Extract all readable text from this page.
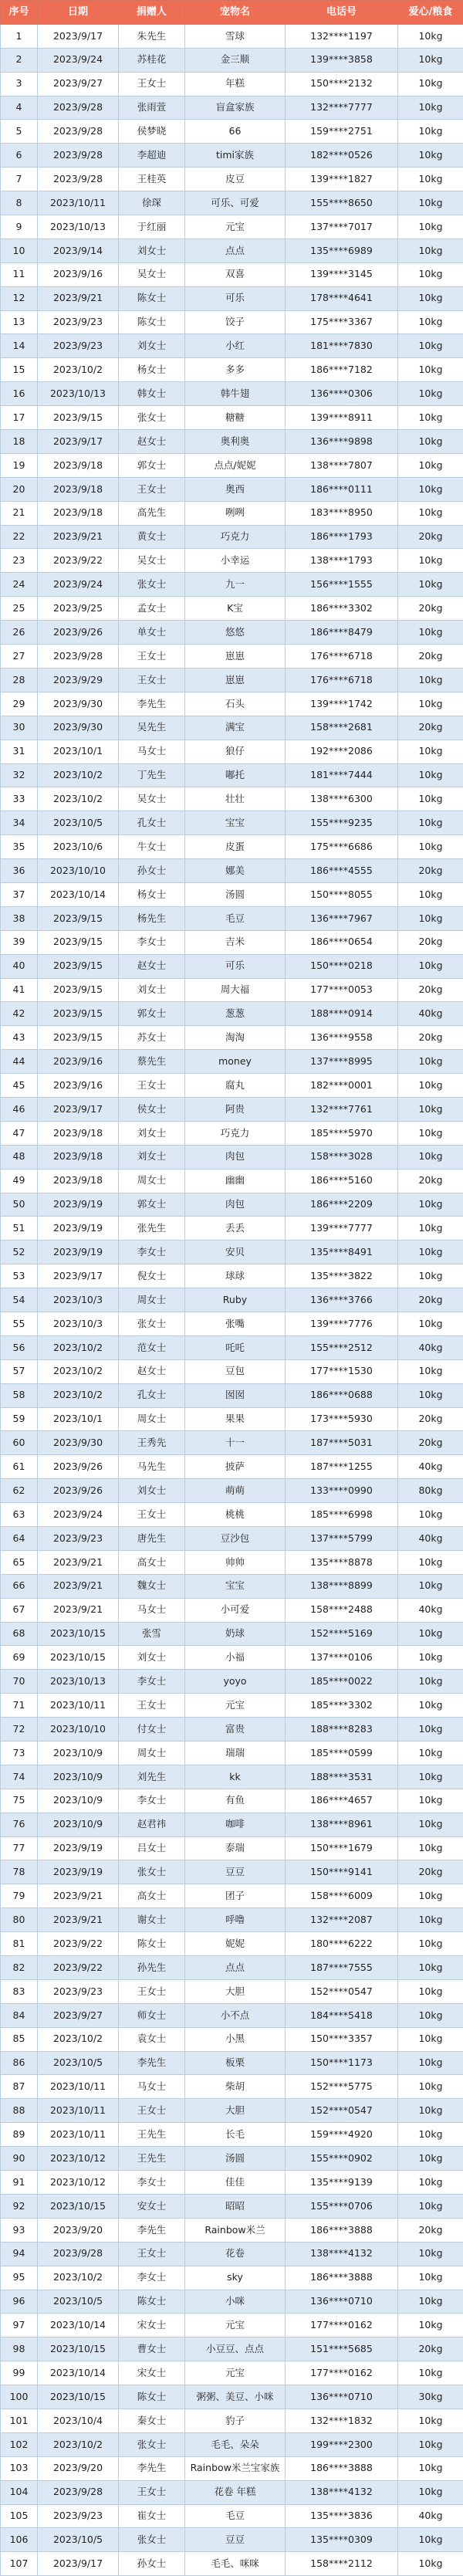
序号	日期	捐赠人	宠物名	电话号	爱心/粮食
1	2023/9/17	朱先生	雪球	132****1197	10kg
2	2023/9/24	苏桂花	金三顺	139****3858	10kg
3	2023/9/27	王女士	年糕	150****2132	10kg
4	2023/9/28	张雨萱	盲盒家族	132****7777	10kg
5	2023/9/28	侯梦晓	66	159****2751	10kg
6	2023/9/28	李超迪	timi家族	182****0526	10kg
7	2023/9/28	王桂英	皮豆	139****1827	10kg
8	2023/10/11	徐琛	可乐、可爱	155****8650	10kg
9	2023/10/13	于红丽	元宝	137****7017	10kg
10	2023/9/14	刘女士	点点	135****6989	10kg
11	2023/9/16	吴女士	双喜	139****3145	10kg
12	2023/9/21	陈女士	可乐	178****4641	10kg
13	2023/9/23	陈女士	饺子	175****3367	10kg
14	2023/9/23	刘女士	小红	181****7830	10kg
15	2023/10/2	杨女士	多多	186****7182	10kg
16	2023/10/13	韩女士	韩牛翅	136****0306	10kg
17	2023/9/15	张女士	糖糖	139****8911	10kg
18	2023/9/17	赵女士	奥利奥	136****9898	10kg
19	2023/9/18	郭女士	点点/妮妮	138****7807	10kg
20	2023/9/18	王女士	奥西	186****0111	10kg
21	2023/9/18	高先生	咧咧	183****8950	10kg
22	2023/9/21	黄女士	巧克力	186****1793	20kg
23	2023/9/22	吴女士	小幸运	138****1793	10kg
24	2023/9/24	张女士	九一	156****1555	10kg
25	2023/9/25	孟女士	K宝	186****3302	20kg
26	2023/9/26	单女士	悠悠	186****8479	10kg
27	2023/9/28	王女士	崽崽	176****6718	20kg
28	2023/9/29	王女士	崽崽	176****6718	10kg
29	2023/9/30	李先生	石头	139****1742	10kg
30	2023/9/30	吴先生	满宝	158****2681	20kg
31	2023/10/1	马女士	狼仔	192****2086	10kg
32	2023/10/2	丁先生	嘟托	181****7444	10kg
33	2023/10/2	吴女士	壮壮	138****6300	10kg
34	2023/10/5	孔女士	宝宝	155****9235	10kg
35	2023/10/6	牛女士	皮蛋	175****6686	10kg
36	2023/10/10	孙女士	娜美	186****4555	20kg
37	2023/10/14	杨女士	汤圆	150****8055	10kg
38	2023/9/15	杨先生	毛豆	136****7967	10kg
39	2023/9/15	李女士	吉米	186****0654	20kg
40	2023/9/15	赵女士	可乐	150****0218	10kg
41	2023/9/15	刘女士	周大福	177****0053	20kg
42	2023/9/15	郭女士	葱葱	188****0914	40kg
43	2023/9/15	苏女士	淘淘	136****9558	20kg
44	2023/9/16	蔡先生	money	137****8995	10kg
45	2023/9/16	王女士	腐丸	182****0001	10kg
46	2023/9/17	侯女士	阿贵	132****7761	10kg
47	2023/9/18	刘女士	巧克力	185****5970	10kg
48	2023/9/18	刘女士	肉包	158****3028	10kg
49	2023/9/18	周女士	幽幽	186****5160	20kg
50	2023/9/19	郭女士	肉包	186****2209	10kg
51	2023/9/19	张先生	丢丢	139****7777	10kg
52	2023/9/19	李女士	安贝	135****8491	10kg
53	2023/9/17	倪女士	球球	135****3822	10kg
54	2023/10/3	周女士	Ruby	136****3766	20kg
55	2023/10/3	张女士	张嘴	139****7776	10kg
56	2023/10/2	范女士	吒吒	155****2512	40kg
57	2023/10/2	赵女士	豆包	177****1530	10kg
58	2023/10/2	孔女士	囡囡	186****0688	10kg
59	2023/10/1	周女士	果果	173****5930	20kg
60	2023/9/30	王秀先	十一	187****5031	20kg
61	2023/9/26	马先生	披萨	187****1255	40kg
62	2023/9/26	刘女士	萌萌	133****0990	80kg
63	2023/9/24	王女士	桃桃	185****6998	10kg
64	2023/9/23	唐先生	豆沙包	137****5799	40kg
65	2023/9/21	高女士	帅帅	135****8878	10kg
66	2023/9/21	魏女士	宝宝	138****8899	10kg
67	2023/9/21	马女士	小可爱	158****2488	40kg
68	2023/10/15	张雪	奶球	152****5169	10kg
69	2023/10/15	刘女士	小福	137****0106	10kg
70	2023/10/13	李女士	yoyo	185****0022	10kg
71	2023/10/11	王女士	元宝	185****3302	10kg
72	2023/10/10	付女士	富贵	188****8283	10kg
73	2023/10/9	周女士	瑞瑞	185****0599	10kg
74	2023/10/9	刘先生	kk	188****3531	10kg
75	2023/10/9	李女士	有鱼	186****4657	10kg
76	2023/10/9	赵君祎	咖啡	138****8961	10kg
77	2023/9/19	吕女士	泰瑞	150****1679	10kg
78	2023/9/19	张女士	豆豆	150****9141	20kg
79	2023/9/21	高女士	团子	158****6009	10kg
80	2023/9/21	谢女士	呼噜	132****2087	10kg
81	2023/9/22	陈女士	妮妮	180****6222	10kg
82	2023/9/22	孙先生	点点	187****7555	10kg
83	2023/9/23	王女士	大胆	152****0547	10kg
84	2023/9/27	师女士	小不点	184****5418	10kg
85	2023/10/2	袁女士	小黑	150****3357	10kg
86	2023/10/5	李先生	板栗	150****1173	10kg
87	2023/10/11	马女士	柴胡	152****5775	10kg
88	2023/10/11	王女士	大胆	152****0547	10kg
89	2023/10/11	王先生	长毛	159****4920	10kg
90	2023/10/12	王先生	汤圆	155****0902	10kg
91	2023/10/12	李女士	佳佳	135****9139	10kg
92	2023/10/15	安女士	昭昭	155****0706	10kg
93	2023/9/20	李先生	Rainbow米兰	186****3888	20kg
94	2023/9/28	王女士	花卷	138****4132	10kg
95	2023/10/2	李女士	sky	186****3888	10kg
96	2023/10/5	陈女士	小咪	136****0710	10kg
97	2023/10/14	宋女士	元宝	177****0162	10kg
98	2023/10/15	曹女士	小豆豆、点点	151****5685	20kg
99	2023/10/14	宋女士	元宝	177****0162	10kg
100	2023/10/15	陈女士	粥粥、美豆、小咪	136****0710	30kg
101	2023/10/4	秦女士	豹子	132****1832	10kg
102	2023/10/2	张女士	毛毛、朵朵	199****2300	10kg
103	2023/9/20	李先生	Rainbow米兰宝家族	186****3888	10kg
104	2023/9/28	王女士	花卷 年糕	138****4132	10kg
105	2023/9/23	崔女士	毛豆	135****3836	40kg
106	2023/10/5	张女士	豆豆	135****0309	10kg
107	2023/9/17	孙女士	毛毛、咪咪	158****2112	10kg
